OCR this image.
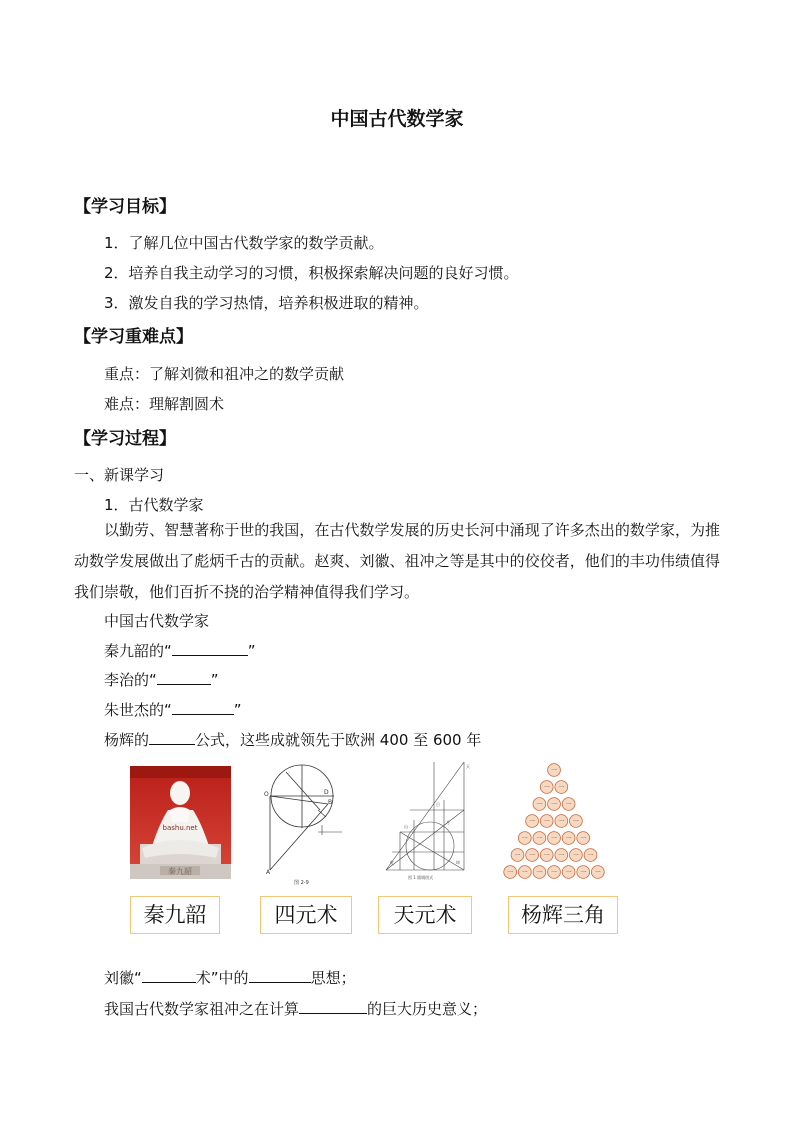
中国古代数学家
【学习目标】
1．了解几位中国古代数学家的数学贡献。
2．培养自我主动学习的习惯，积极探索解决问题的良好习惯。
3．激发自我的学习热情，培养积极进取的精神。
【学习重难点】
重点：了解刘微和祖冲之的数学贡献
难点：理解割圆术
【学习过程】
一、新课学习
1．古代数学家
以勤劳、智慧著称于世的我国，在古代数学发展的历史长河中涌现了许多杰出的数学家，为推动数学发展做出了彪炳千古的贡献。赵爽、刘徽、祖冲之等是其中的佼佼者，他们的丰功伟绩值得我们崇敬，他们百折不挠的治学精神值得我们学习。
中国古代数学家
秦九韶的“	”
李治的“	”
朱世杰的“	”
杨辉的	公式，这些成就领先于欧洲 400 至 600 年
bashu.net
秦九韶
O
A
D
B
图 2-9
乾	坤
日
月
山
天
图 1 圆城图式
一
一 一
一 一 一
一 一 一 一
一 一 一 一 一
一 一 一 一 一 一
一 一 一 一 一 一 一
秦九韶	四元术	天元术	杨辉三角
刘徽“	术”中的	思想；
我国古代数学家祖冲之在计算	的巨大历史意义；
